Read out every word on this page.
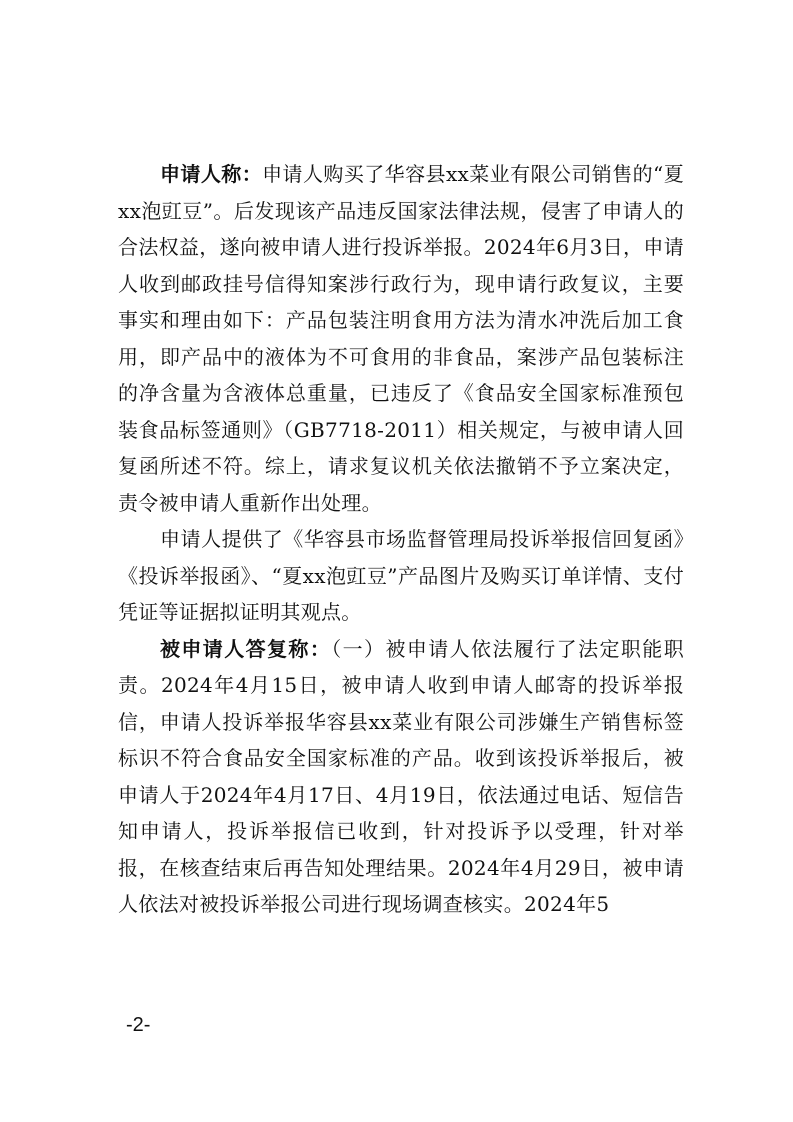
申请人称：申请人购买了华容县xx菜业有限公司销售的“夏xx泡豇豆”。后发现该产品违反国家法律法规，侵害了申请人的合法权益，遂向被申请人进行投诉举报。2024年6月3日，申请人收到邮政挂号信得知案涉行政行为，现申请行政复议，主要事实和理由如下：产品包装注明食用方法为清水冲洗后加工食用，即产品中的液体为不可食用的非食品，案涉产品包装标注的净含量为含液体总重量，已违反了《食品安全国家标准预包装食品标签通则》（GB7718-2011）相关规定，与被申请人回复函所述不符。综上，请求复议机关依法撤销不予立案决定，责令被申请人重新作出处理。

申请人提供了《华容县市场监督管理局投诉举报信回复函》《投诉举报函》、“夏xx泡豇豆”产品图片及购买订单详情、支付凭证等证据拟证明其观点。

被申请人答复称：（一）被申请人依法履行了法定职能职责。2024年4月15日，被申请人收到申请人邮寄的投诉举报信，申请人投诉举报华容县xx菜业有限公司涉嫌生产销售标签标识不符合食品安全国家标准的产品。收到该投诉举报后，被申请人于2024年4月17日、4月19日，依法通过电话、短信告知申请人，投诉举报信已收到，针对投诉予以受理，针对举报，在核查结束后再告知处理结果。2024年4月29日，被申请人依法对被投诉举报公司进行现场调查核实。2024年5

-2-
